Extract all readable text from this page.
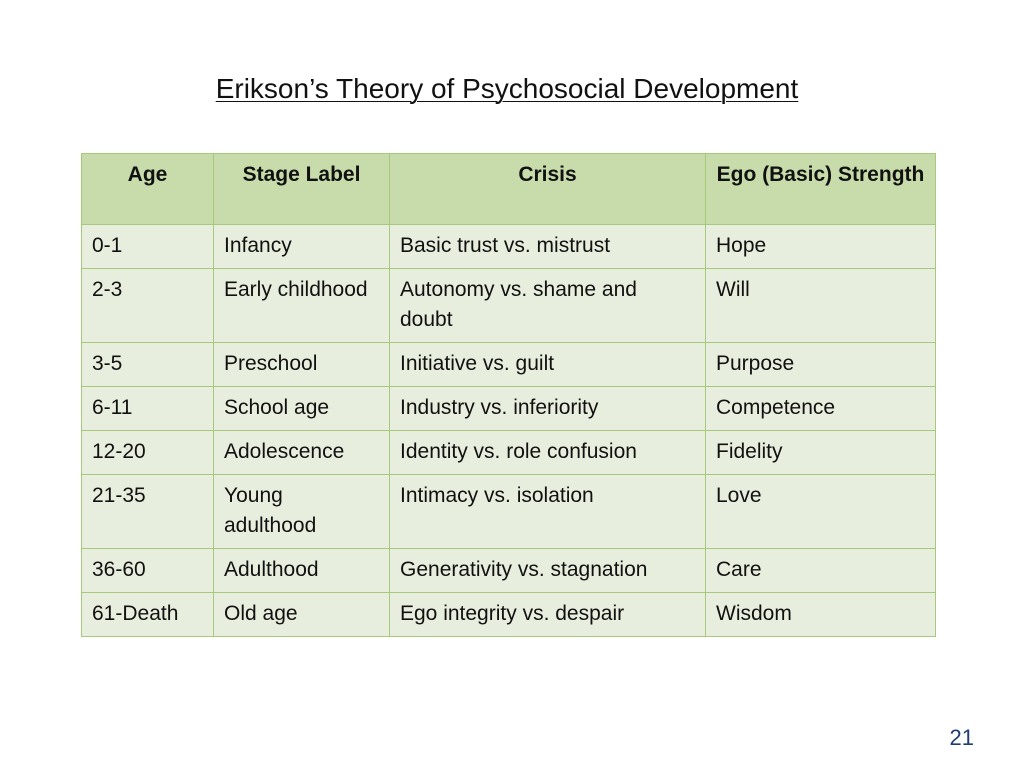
Erikson’s Theory of Psychosocial Development
Age	Stage Label	Crisis	Ego (Basic) Strength
0-1	Infancy	Basic trust vs. mistrust	Hope
2-3	Early childhood	Autonomy vs. shame and doubt	Will
3-5	Preschool	Initiative vs. guilt	Purpose
6-11	School age	Industry vs. inferiority	Competence
12-20	Adolescence	Identity vs. role confusion	Fidelity
21-35	Young adulthood	Intimacy vs. isolation	Love
36-60	Adulthood	Generativity vs. stagnation	Care
61-Death	Old age	Ego integrity vs. despair	Wisdom
21
